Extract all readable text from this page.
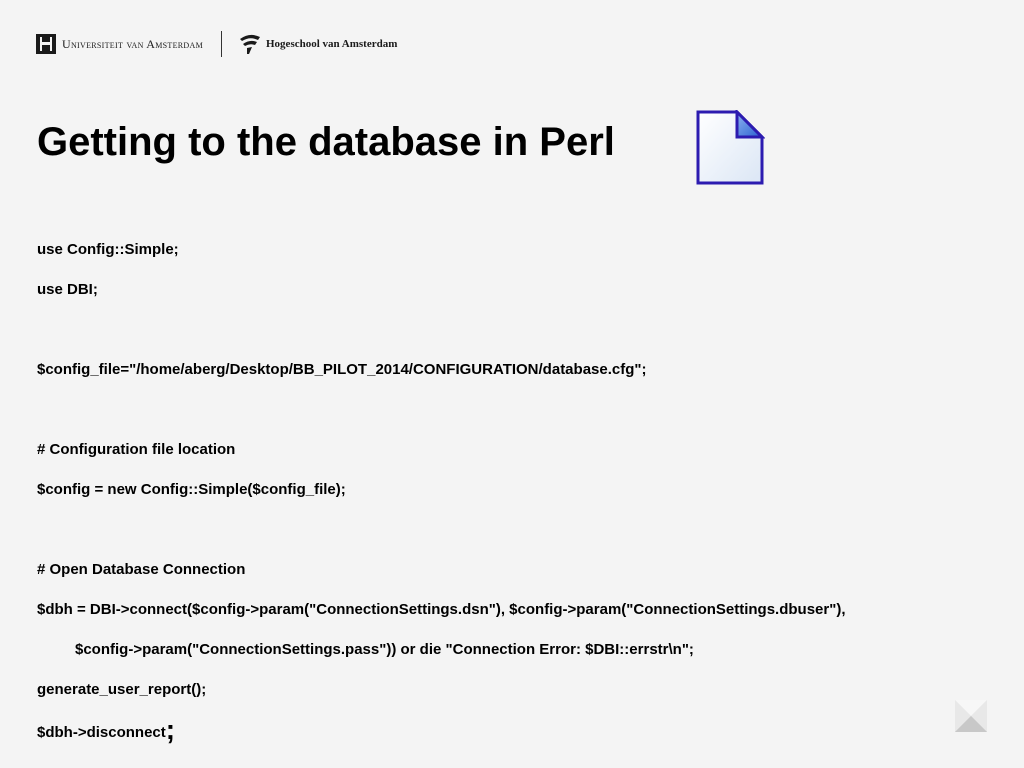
Universiteit van Amsterdam	Hogeschool van Amsterdam
Getting to the database in Perl
use Config::Simple;
use DBI;
$config_file="/home/aberg/Desktop/BB_PILOT_2014/CONFIGURATION/database.cfg";
# Configuration file location
$config = new Config::Simple($config_file);
# Open Database Connection
$dbh = DBI->connect($config->param("ConnectionSettings.dsn"), $config->param("ConnectionSettings.dbuser"),
$config->param("ConnectionSettings.pass")) or die "Connection Error: $DBI::errstr\n";
generate_user_report();
$dbh->disconnect;
